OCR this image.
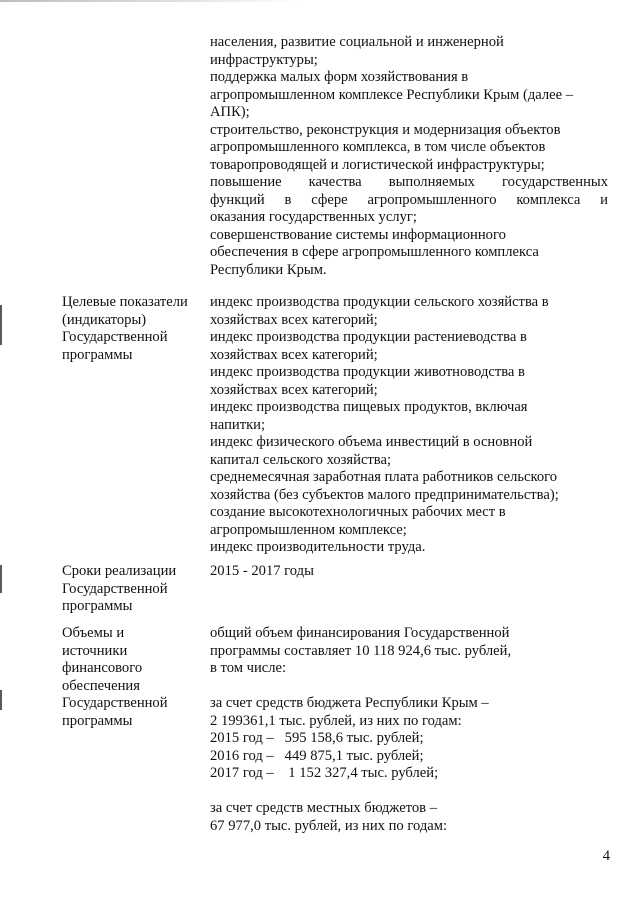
населения, развитие социальной и инженерной
инфраструктуры;
поддержка малых форм хозяйствования в
агропромышленном комплексе Республики Крым (далее –
АПК);
строительство, реконструкция и модернизация объектов
агропромышленного комплекса, в том числе объектов
товаропроводящей и логистической инфраструктуры;
повышение качества выполняемых государственных
функций в сфере агропромышленного комплекса и
оказания государственных услуг;
совершенствование системы информационного
обеспечения в сфере агропромышленного комплекса
Республики Крым.
Целевые показатели
(индикаторы)
Государственной
программы
индекс производства продукции сельского хозяйства в
хозяйствах всех категорий;
индекс производства продукции растениеводства в
хозяйствах всех категорий;
индекс производства продукции животноводства в
хозяйствах всех категорий;
индекс производства пищевых продуктов, включая
напитки;
индекс физического объема инвестиций в основной
капитал сельского хозяйства;
среднемесячная заработная плата работников сельского
хозяйства (без субъектов малого предпринимательства);
создание высокотехнологичных рабочих мест в
агропромышленном комплексе;
индекс производительности труда.
Сроки реализации
Государственной
программы
2015 - 2017 годы
Объемы и
источники
финансового
обеспечения
Государственной
программы
общий объем финансирования Государственной
программы составляет 10 118 924,6 тыс. рублей,
в том числе:
за счет средств бюджета Республики Крым –
2 199361,1 тыс. рублей, из них по годам:
2015 год –   595 158,6 тыс. рублей;
2016 год –   449 875,1 тыс. рублей;
2017 год –    1 152 327,4 тыс. рублей;
за счет средств местных бюджетов –
67 977,0 тыс. рублей, из них по годам:
4
